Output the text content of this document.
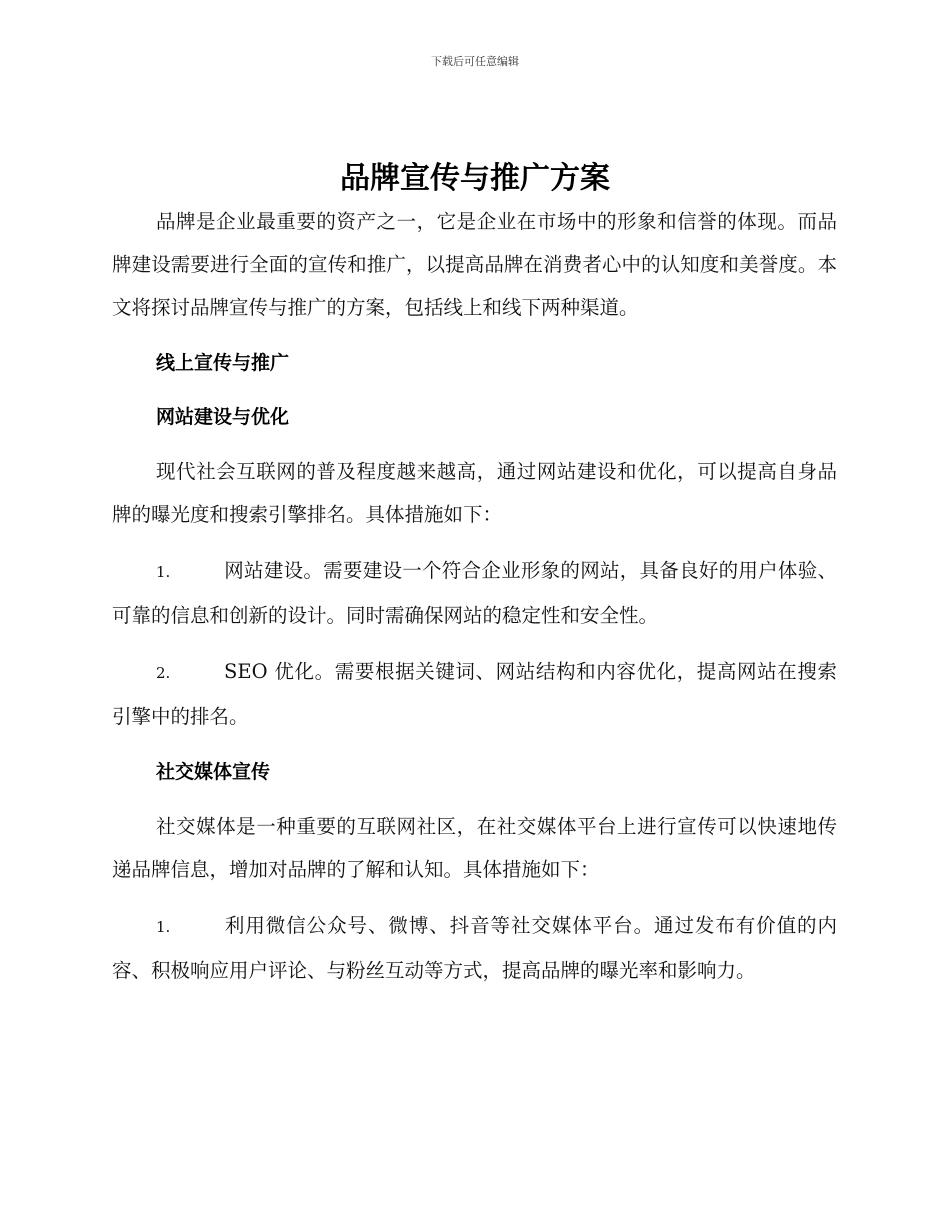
下载后可任意编辑
品牌宣传与推广方案

品牌是企业最重要的资产之一，它是企业在市场中的形象和信誉的体现。而品牌建设需要进行全面的宣传和推广，以提高品牌在消费者心中的认知度和美誉度。本文将探讨品牌宣传与推广的方案，包括线上和线下两种渠道。

线上宣传与推广

网站建设与优化

现代社会互联网的普及程度越来越高，通过网站建设和优化，可以提高自身品牌的曝光度和搜索引擎排名。具体措施如下：

1.	网站建设。需要建设一个符合企业形象的网站，具备良好的用户体验、可靠的信息和创新的设计。同时需确保网站的稳定性和安全性。

2.	SEO 优化。需要根据关键词、网站结构和内容优化，提高网站在搜索引擎中的排名。

社交媒体宣传

社交媒体是一种重要的互联网社区，在社交媒体平台上进行宣传可以快速地传递品牌信息，增加对品牌的了解和认知。具体措施如下：

1.	利用微信公众号、微博、抖音等社交媒体平台。通过发布有价值的内容、积极响应用户评论、与粉丝互动等方式，提高品牌的曝光率和影响力。
